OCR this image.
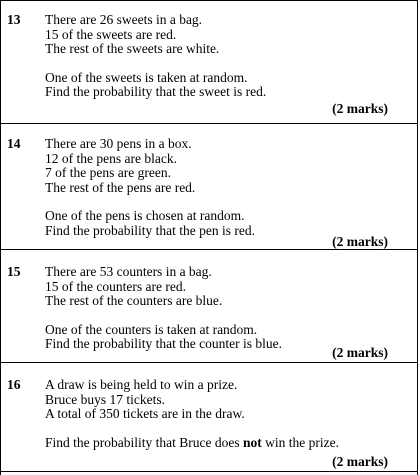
13 There are 26 sweets in a bag.
15 of the sweets are red.
The rest of the sweets are white.
One of the sweets is taken at random.
Find the probability that the sweet is red.
(2 marks)
14 There are 30 pens in a box.
12 of the pens are black.
7 of the pens are green.
The rest of the pens are red.
One of the pens is chosen at random.
Find the probability that the pen is red.
(2 marks)
15 There are 53 counters in a bag.
15 of the counters are red.
The rest of the counters are blue.
One of the counters is taken at random.
Find the probability that the counter is blue.
(2 marks)
16 A draw is being held to win a prize.
Bruce buys 17 tickets.
A total of 350 tickets are in the draw.
Find the probability that Bruce does not win the prize.
(2 marks)
